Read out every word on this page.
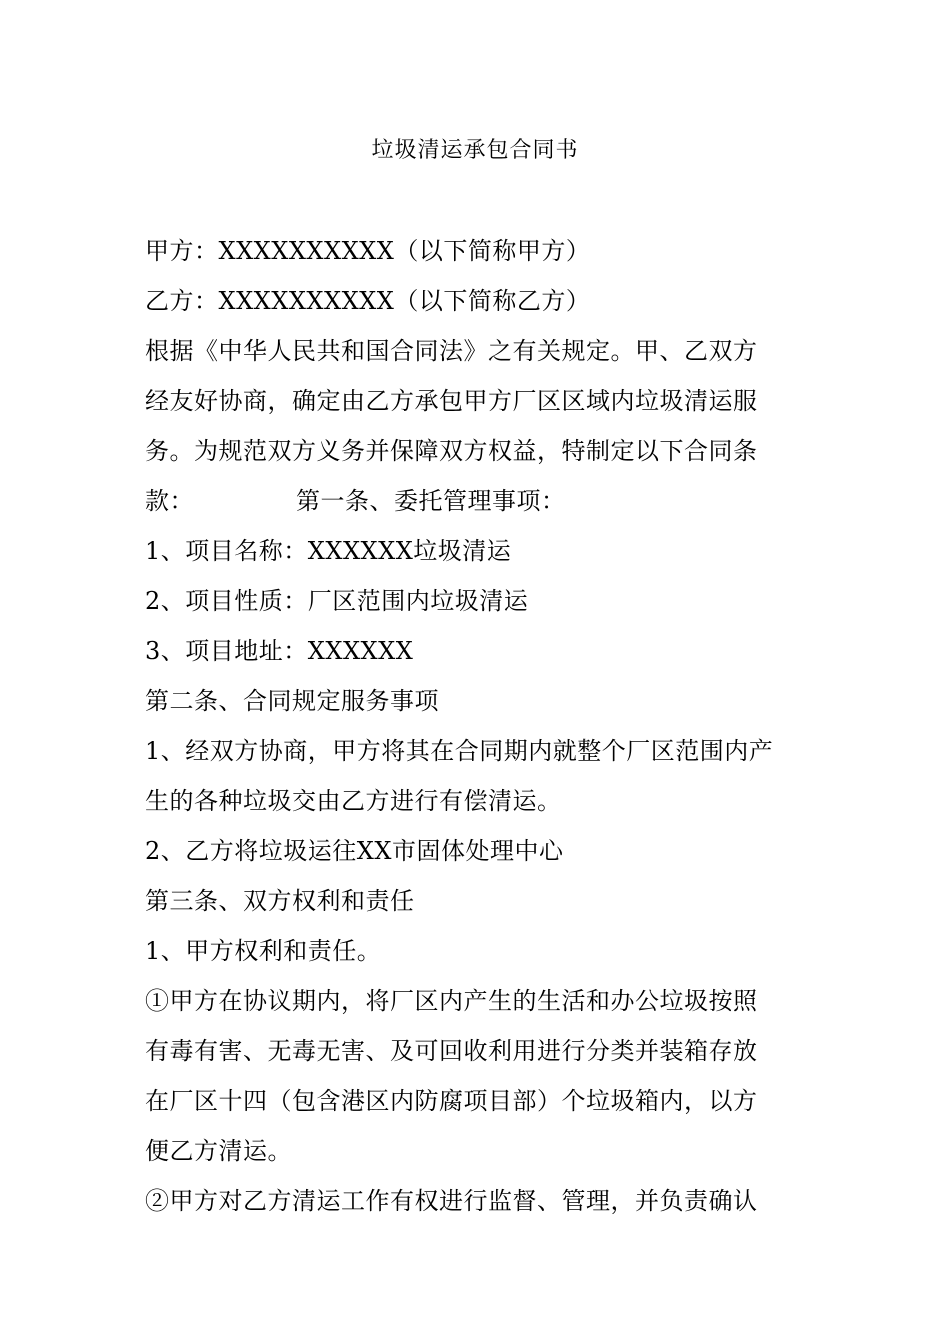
垃圾清运承包合同书
甲方：XXXXXXXXXX（以下简称甲方）
乙方：XXXXXXXXXX（以下简称乙方）
根据《中华人民共和国合同法》之有关规定。甲、乙双方
经友好协商，确定由乙方承包甲方厂区区域内垃圾清运服
务。为规范双方义务并保障双方权益，特制定以下合同条
款：	第一条、委托管理事项：
1、项目名称：XXXXXX垃圾清运
2、项目性质：厂区范围内垃圾清运
3、项目地址：XXXXXX
第二条、合同规定服务事项
1、经双方协商，甲方将其在合同期内就整个厂区范围内产
生的各种垃圾交由乙方进行有偿清运。
2、乙方将垃圾运往XX市固体处理中心
第三条、双方权利和责任
1、甲方权利和责任。
①甲方在协议期内，将厂区内产生的生活和办公垃圾按照
有毒有害、无毒无害、及可回收利用进行分类并装箱存放
在厂区十四（包含港区内防腐项目部）个垃圾箱内，以方
便乙方清运。
②甲方对乙方清运工作有权进行监督、管理，并负责确认
